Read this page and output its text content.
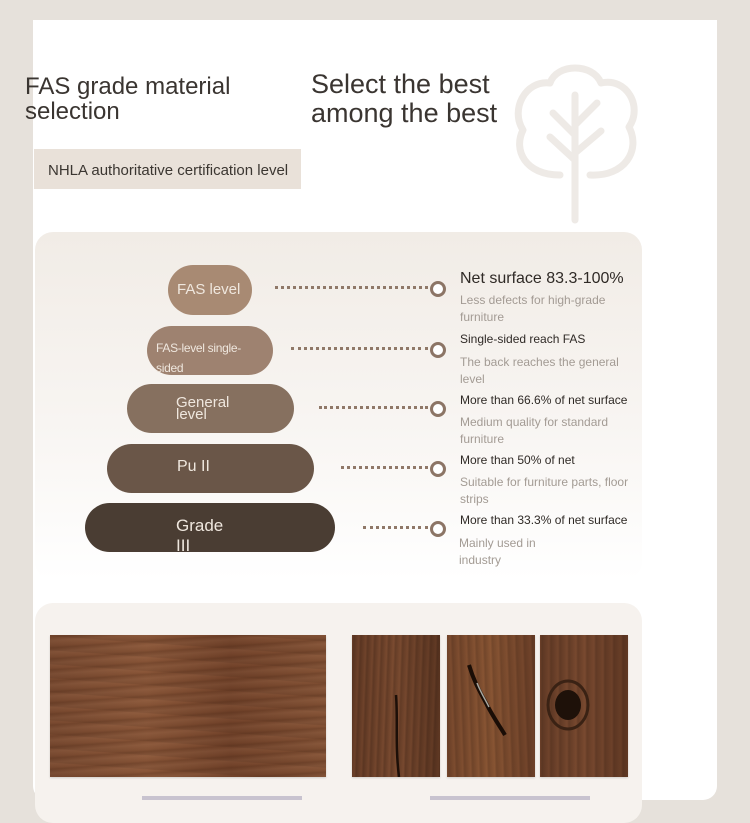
FAS grade material selection
Select the best among the best
NHLA authoritative certification level
FAS level
Net surface 83.3-100%
Less defects for high-grade furniture
FAS-level single-sided
Single-sided reach FAS
The back reaches the general level
General level
More than 66.6% of net surface
Medium quality for standard furniture
Pu II	More than 50% of net
Suitable for furniture parts, floor strips
Grade III
More than 33.3% of net surface
Mainly used in industry
